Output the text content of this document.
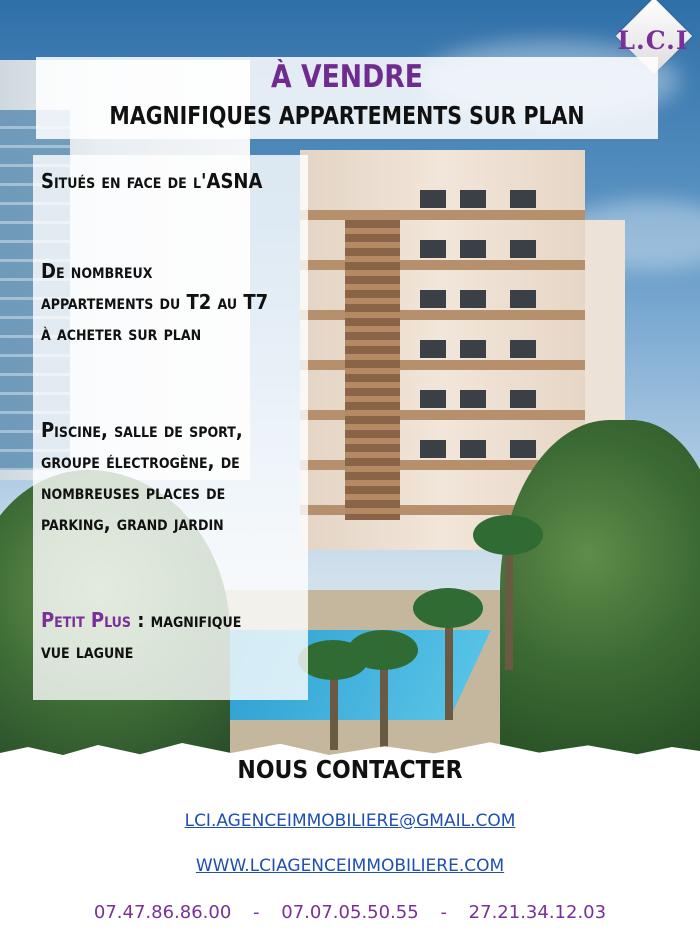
L.C.I
À VENDRE
MAGNIFIQUES APPARTEMENTS SUR PLAN
Situés en face de l'ASNA
De nombreux
appartements du T2 au T7
à acheter sur plan
Piscine, salle de sport,
groupe électrogène, de
nombreuses places de
parking, grand jardin
Petit Plus : magnifique
vue lagune
NOUS CONTACTER
LCI.AGENCEIMMOBILIERE@GMAIL.COM
WWW.LCIAGENCEIMMOBILIERE.COM
07.47.86.86.00 - 07.07.05.50.55 - 27.21.34.12.03
